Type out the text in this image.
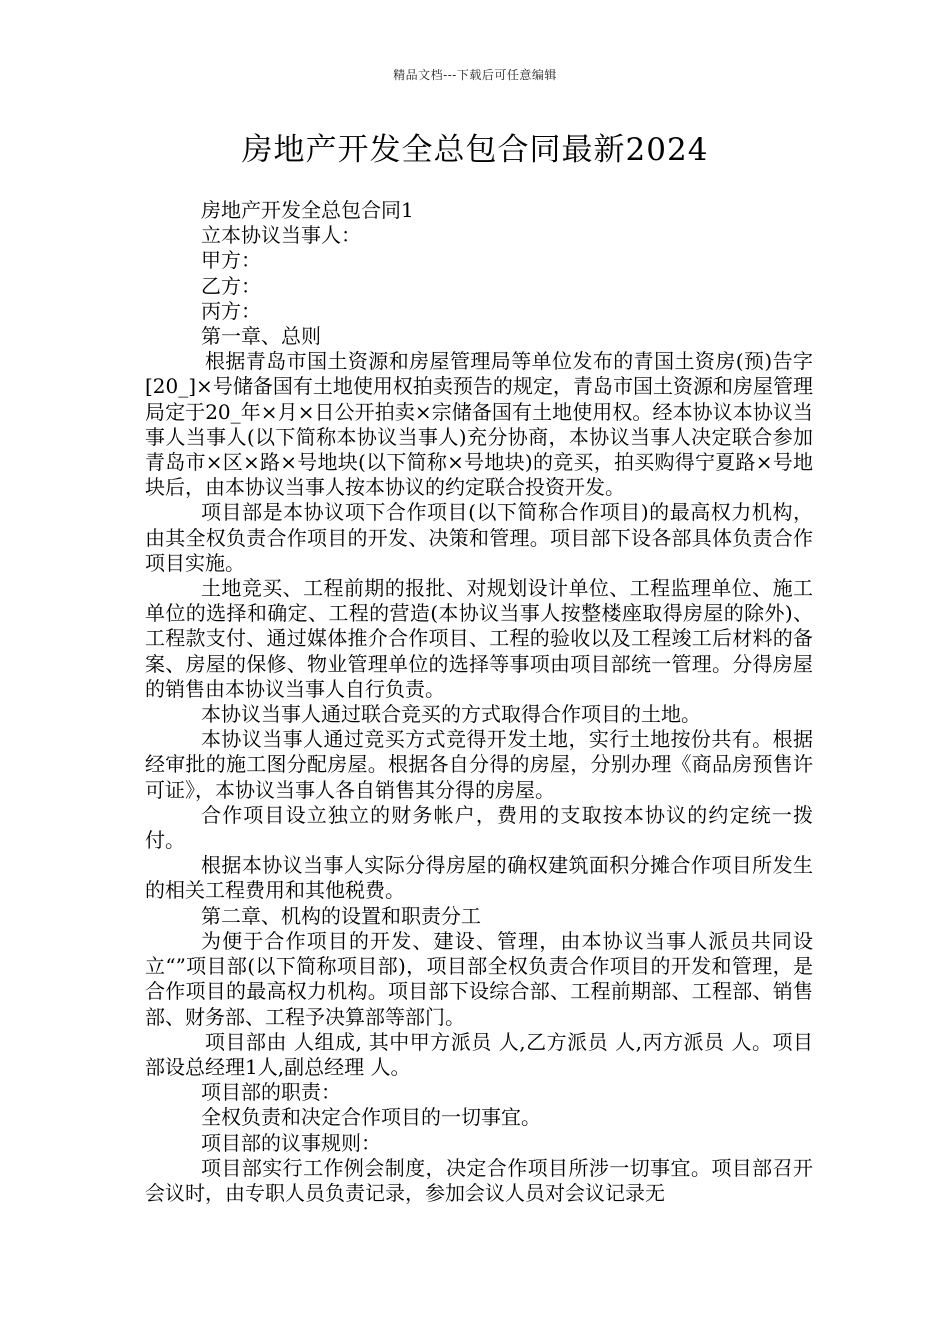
精品文档---下载后可任意编辑
房地产开发全总包合同最新2024

房地产开发全总包合同1

立本协议当事人：

甲方：

乙方：

丙方：

第一章、总则

根据青岛市国土资源和房屋管理局等单位发布的青国土资房(预)告字[20_]×号储备国有土地使用权拍卖预告的规定，青岛市国土资源和房屋管理局定于20_年×月×日公开拍卖×宗储备国有土地使用权。经本协议本协议当事人当事人(以下简称本协议当事人)充分协商，本协议当事人决定联合参加青岛市×区×路×号地块(以下简称×号地块)的竞买，拍买购得宁夏路×号地块后，由本协议当事人按本协议的约定联合投资开发。

项目部是本协议项下合作项目(以下简称合作项目)的最高权力机构，由其全权负责合作项目的开发、决策和管理。项目部下设各部具体负责合作项目实施。

土地竞买、工程前期的报批、对规划设计单位、工程监理单位、施工单位的选择和确定、工程的营造(本协议当事人按整楼座取得房屋的除外)、工程款支付、通过媒体推介合作项目、工程的验收以及工程竣工后材料的备案、房屋的保修、物业管理单位的选择等事项由项目部统一管理。分得房屋的销售由本协议当事人自行负责。

本协议当事人通过联合竞买的方式取得合作项目的土地。

本协议当事人通过竞买方式竞得开发土地，实行土地按份共有。根据经审批的施工图分配房屋。根据各自分得的房屋，分别办理《商品房预售许可证》，本协议当事人各自销售其分得的房屋。

合作项目设立独立的财务帐户，费用的支取按本协议的约定统一拨付。

根据本协议当事人实际分得房屋的确权建筑面积分摊合作项目所发生的相关工程费用和其他税费。

第二章、机构的设置和职责分工

为便于合作项目的开发、建设、管理，由本协议当事人派员共同设立“”项目部(以下简称项目部)，项目部全权负责合作项目的开发和管理，是合作项目的最高权力机构。项目部下设综合部、工程前期部、工程部、销售部、财务部、工程予决算部等部门。

项目部由 人组成, 其中甲方派员 人,乙方派员 人,丙方派员 人。项目部设总经理1人,副总经理 人。

项目部的职责：

全权负责和决定合作项目的一切事宜。

项目部的议事规则：

项目部实行工作例会制度，决定合作项目所涉一切事宜。项目部召开会议时，由专职人员负责记录，参加会议人员对会议记录无
